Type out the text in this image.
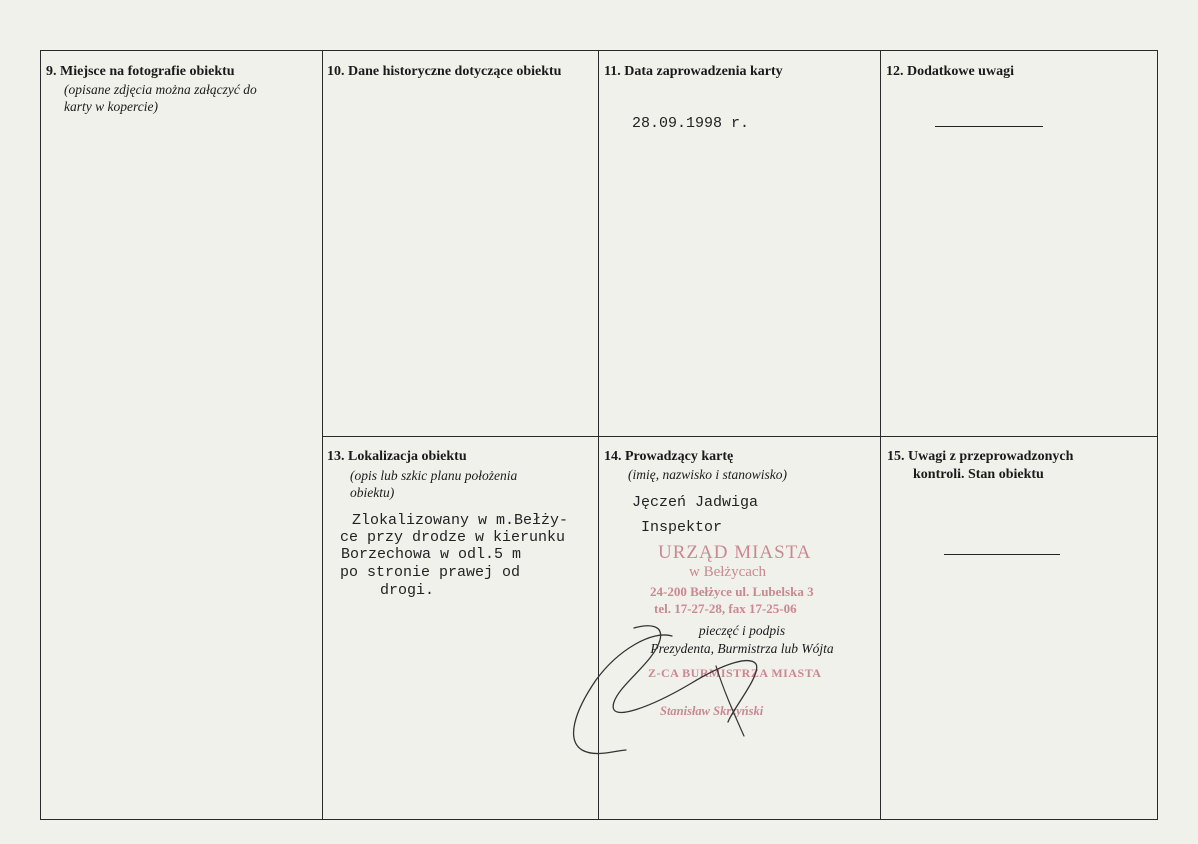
9. Miejsce na fotografie obiektu
(opisane zdjęcia można załączyć do
karty w kopercie)
10. Dane historyczne dotyczące obiektu	11. Data zaprowadzenia karty
28.09.1998 r.
12. Dodatkowe uwagi
13. Lokalizacja obiektu
(opis lub szkic planu położenia
obiektu)
Zlokalizowany w m.Bełży-
ce przy drodze w kierunku
Borzechowa w odl.5 m
po stronie prawej od
drogi.
14. Prowadzący kartę
(imię, nazwisko i stanowisko)
Jęczeń Jadwiga
Inspektor
URZĄD MIASTA
w Bełżycach
24-200 Bełżyce ul. Lubelska 3
tel. 17-27-28, fax 17-25-06
pieczęć i podpis
Prezydenta, Burmistrza lub Wójta
Z-CA BURMISTRZA MIASTA
Stanisław Skrzyński
15. Uwagi z przeprowadzonych
kontroli. Stan obiektu
